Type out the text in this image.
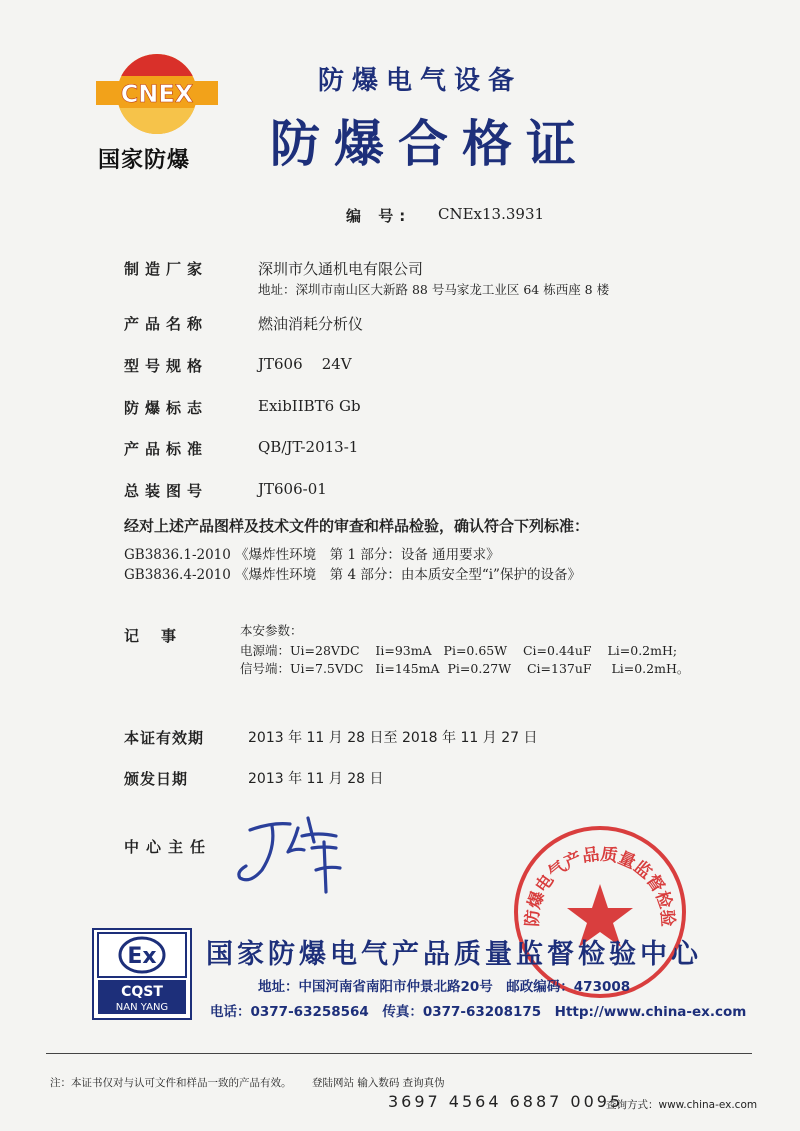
CNEX
国家防爆
防爆电气设备
防爆合格证
编 号: CNEx13.3931
制造厂家	深圳市久通机电有限公司
地址：深圳市南山区大新路 88 号马家龙工业区 64 栋西座 8 楼
产品名称	燃油消耗分析仪
型号规格	JT606    24V
防爆标志	ExibIIBT6 Gb
产品标准	QB/JT-2013-1
总装图号	JT606-01
经对上述产品图样及技术文件的审查和样品检验，确认符合下列标准：
GB3836.1-2010 《爆炸性环境　第 1 部分：设备 通用要求》
GB3836.4-2010 《爆炸性环境　第 4 部分：由本质安全型“i”保护的设备》
记事	本安参数：
电源端：Ui=28VDC    Ii=93mA   Pi=0.65W    Ci=0.44uF    Li=0.2mH;
信号端：Ui=7.5VDC   Ii=145mA  Pi=0.27W    Ci=137uF     Li=0.2mH。
本证有效期	2013 年 11 月 28 日至 2018 年 11 月 27 日
颁发日期	2013 年 11 月 28 日
中心主任
防爆电气产品质量监督检验
Ex
CQST
NAN YANG
国家防爆电气产品质量监督检验中心
地址：中国河南省南阳市仲景北路20号　邮政编码：473008
电话：0377-63258564　传真：0377-63208175　Http://www.china-ex.com
注：本证书仅对与认可文件和样品一致的产品有效。 登陆网站 输入数码 查询真伪
3697 4564 6887 0095
查询方式：www.china-ex.com
